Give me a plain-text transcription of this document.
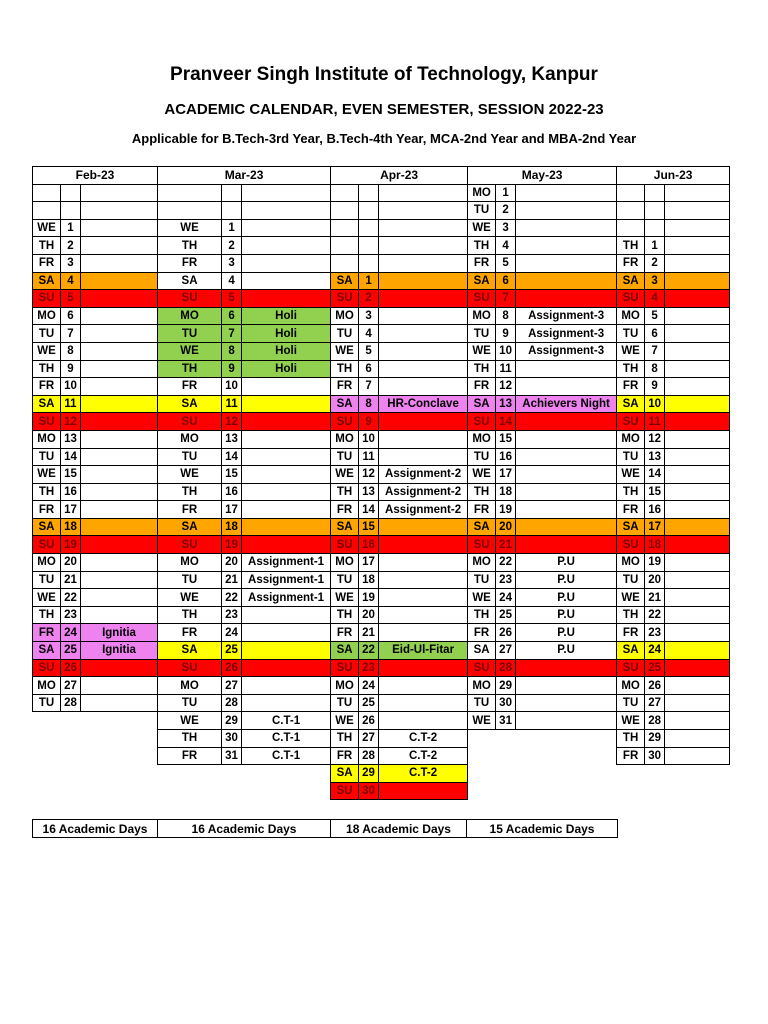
Pranveer Singh Institute of Technology, Kanpur
ACADEMIC CALENDAR, EVEN SEMESTER, SESSION 2022-23
Applicable for B.Tech-3rd Year, B.Tech-4th Year, MCA-2nd Year and MBA-2nd Year
Feb-23			Mar-23			Apr-23			May-23			Jun-23		
									MO	1				
									TU	2				
WE	1		WE	1					WE	3				
TH	2		TH	2					TH	4		TH	1	
FR	3		FR	3					FR	5		FR	2	
SA	4		SA	4		SA	1		SA	6		SA	3	
SU	5		SU	5		SU	2		SU	7		SU	4	
MO	6		MO	6	Holi	MO	3		MO	8	Assignment-3	MO	5	
TU	7		TU	7	Holi	TU	4		TU	9	Assignment-3	TU	6	
WE	8		WE	8	Holi	WE	5		WE	10	Assignment-3	WE	7	
TH	9		TH	9	Holi	TH	6		TH	11		TH	8	
FR	10		FR	10		FR	7		FR	12		FR	9	
SA	11		SA	11		SA	8	HR-Conclave	SA	13	Achievers Night	SA	10	
SU	12		SU	12		SU	9		SU	14		SU	11	
MO	13		MO	13		MO	10		MO	15		MO	12	
TU	14		TU	14		TU	11		TU	16		TU	13	
WE	15		WE	15		WE	12	Assignment-2	WE	17		WE	14	
TH	16		TH	16		TH	13	Assignment-2	TH	18		TH	15	
FR	17		FR	17		FR	14	Assignment-2	FR	19		FR	16	
SA	18		SA	18		SA	15		SA	20		SA	17	
SU	19		SU	19		SU	16		SU	21		SU	18	
MO	20		MO	20	Assignment-1	MO	17		MO	22	P.U	MO	19	
TU	21		TU	21	Assignment-1	TU	18		TU	23	P.U	TU	20	
WE	22		WE	22	Assignment-1	WE	19		WE	24	P.U	WE	21	
TH	23		TH	23		TH	20		TH	25	P.U	TH	22	
FR	24	Ignitia	FR	24		FR	21		FR	26	P.U	FR	23	
SA	25	Ignitia	SA	25		SA	22	Eid-Ul-Fitar	SA	27	P.U	SA	24	
SU	26		SU	26		SU	23		SU	28		SU	25	
MO	27		MO	27		MO	24		MO	29		MO	26	
TU	28		TU	28		TU	25		TU	30		TU	27	
			WE	29	C.T-1	WE	26		WE	31		WE	28	
			TH	30	C.T-1	TH	27	C.T-2				TH	29	
			FR	31	C.T-1	FR	28	C.T-2				FR	30	
						SA	29	C.T-2						
						SU	30							
16 Academic Days	16 Academic Days	18 Academic Days	15 Academic Days
